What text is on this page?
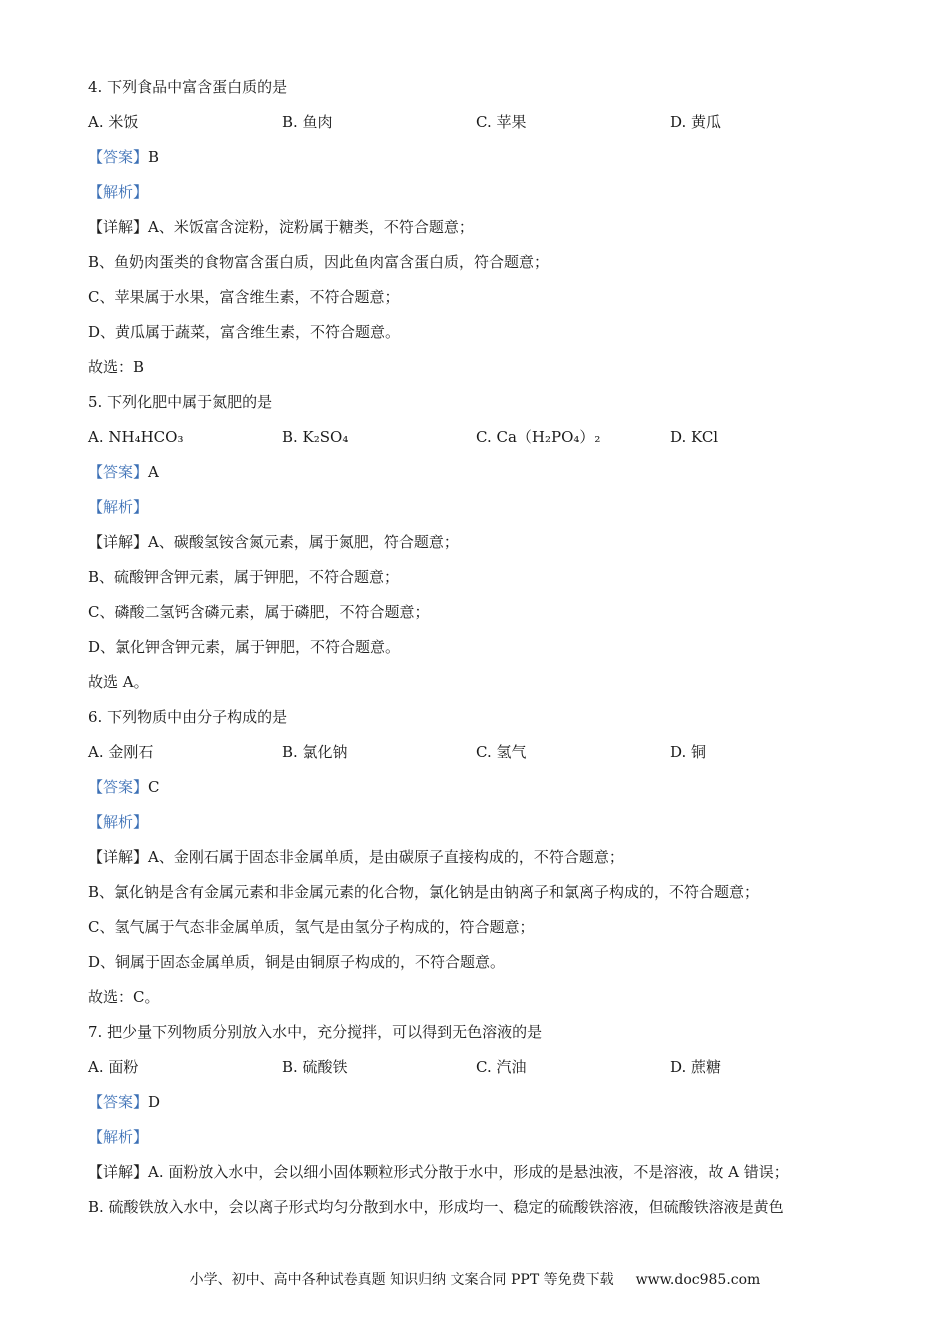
4. 下列食品中富含蛋白质的是
A. 米饭	B. 鱼肉	C. 苹果	D. 黄瓜
【答案】B
【解析】
【详解】A、米饭富含淀粉，淀粉属于糖类，不符合题意；
B、鱼奶肉蛋类的食物富含蛋白质，因此鱼肉富含蛋白质，符合题意；
C、苹果属于水果，富含维生素，不符合题意；
D、黄瓜属于蔬菜，富含维生素，不符合题意。
故选：B
5. 下列化肥中属于氮肥的是
A. NH₄HCO₃	B. K₂SO₄	C. Ca（H₂PO₄）₂	D. KCl
【答案】A
【解析】
【详解】A、碳酸氢铵含氮元素，属于氮肥，符合题意；
B、硫酸钾含钾元素，属于钾肥，不符合题意；
C、磷酸二氢钙含磷元素，属于磷肥，不符合题意；
D、氯化钾含钾元素，属于钾肥，不符合题意。
故选 A。
6. 下列物质中由分子构成的是
A. 金刚石	B. 氯化钠	C. 氢气	D. 铜
【答案】C
【解析】
【详解】A、金刚石属于固态非金属单质，是由碳原子直接构成的，不符合题意；
B、氯化钠是含有金属元素和非金属元素的化合物，氯化钠是由钠离子和氯离子构成的，不符合题意；
C、氢气属于气态非金属单质，氢气是由氢分子构成的，符合题意；
D、铜属于固态金属单质，铜是由铜原子构成的，不符合题意。
故选：C。
7. 把少量下列物质分别放入水中，充分搅拌，可以得到无色溶液的是
A. 面粉	B. 硫酸铁	C. 汽油	D. 蔗糖
【答案】D
【解析】
【详解】A. 面粉放入水中，会以细小固体颗粒形式分散于水中，形成的是悬浊液，不是溶液，故 A 错误；
B. 硫酸铁放入水中，会以离子形式均匀分散到水中，形成均一、稳定的硫酸铁溶液，但硫酸铁溶液是黄色
小学、初中、高中各种试卷真题 知识归纳 文案合同 PPT 等免费下载 www.doc985.com
